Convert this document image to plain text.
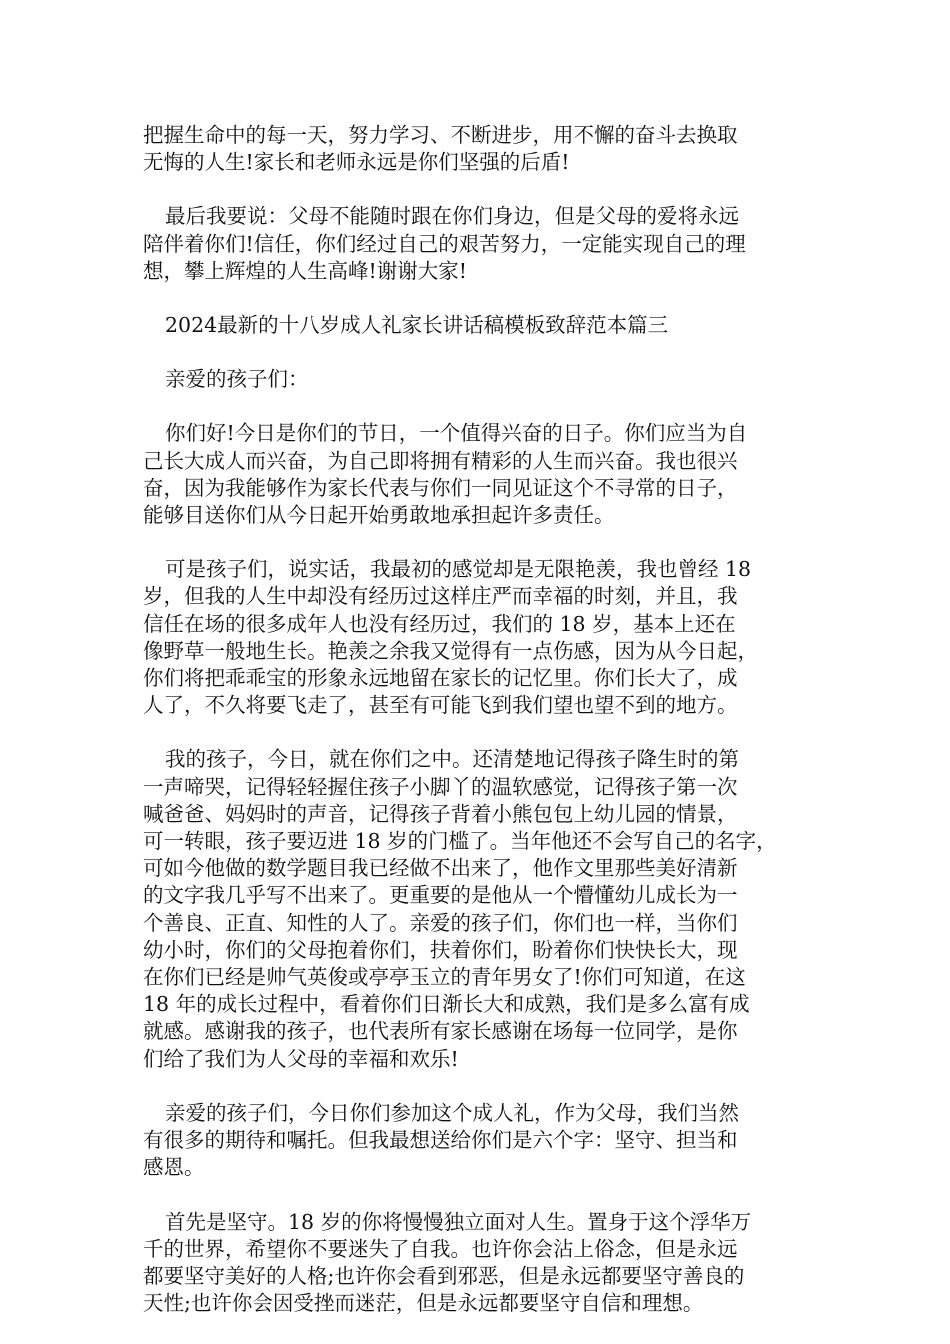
把握生命中的每一天，努力学习、不断进步，用不懈的奋斗去换取
无悔的人生!家长和老师永远是你们坚强的后盾!

最后我要说：父母不能随时跟在你们身边，但是父母的爱将永远
陪伴着你们!信任，你们经过自己的艰苦努力，一定能实现自己的理
想，攀上辉煌的人生高峰!谢谢大家!

2024最新的十八岁成人礼家长讲话稿模板致辞范本篇三

亲爱的孩子们：

你们好!今日是你们的节日，一个值得兴奋的日子。你们应当为自
己长大成人而兴奋，为自己即将拥有精彩的人生而兴奋。我也很兴
奋，因为我能够作为家长代表与你们一同见证这个不寻常的日子，
能够目送你们从今日起开始勇敢地承担起许多责任。

可是孩子们，说实话，我最初的感觉却是无限艳羡，我也曾经 18
岁，但我的人生中却没有经历过这样庄严而幸福的时刻，并且，我
信任在场的很多成年人也没有经历过，我们的 18 岁，基本上还在
像野草一般地生长。艳羡之余我又觉得有一点伤感，因为从今日起，
你们将把乖乖宝的形象永远地留在家长的记忆里。你们长大了，成
人了，不久将要飞走了，甚至有可能飞到我们望也望不到的地方。

我的孩子，今日，就在你们之中。还清楚地记得孩子降生时的第
一声啼哭，记得轻轻握住孩子小脚丫的温软感觉，记得孩子第一次
喊爸爸、妈妈时的声音，记得孩子背着小熊包包上幼儿园的情景，
可一转眼，孩子要迈进 18 岁的门槛了。当年他还不会写自己的名字，
可如今他做的数学题目我已经做不出来了，他作文里那些美好清新
的文字我几乎写不出来了。更重要的是他从一个懵懂幼儿成长为一
个善良、正直、知性的人了。亲爱的孩子们，你们也一样，当你们
幼小时，你们的父母抱着你们，扶着你们，盼着你们快快长大，现
在你们已经是帅气英俊或亭亭玉立的青年男女了!你们可知道，在这
18 年的成长过程中，看着你们日渐长大和成熟，我们是多么富有成
就感。感谢我的孩子，也代表所有家长感谢在场每一位同学，是你
们给了我们为人父母的幸福和欢乐!

亲爱的孩子们，今日你们参加这个成人礼，作为父母，我们当然
有很多的期待和嘱托。但我最想送给你们是六个字：坚守、担当和
感恩。

首先是坚守。18 岁的你将慢慢独立面对人生。置身于这个浮华万
千的世界，希望你不要迷失了自我。也许你会沾上俗念，但是永远
都要坚守美好的人格;也许你会看到邪恶，但是永远都要坚守善良的
天性;也许你会因受挫而迷茫，但是永远都要坚守自信和理想。
